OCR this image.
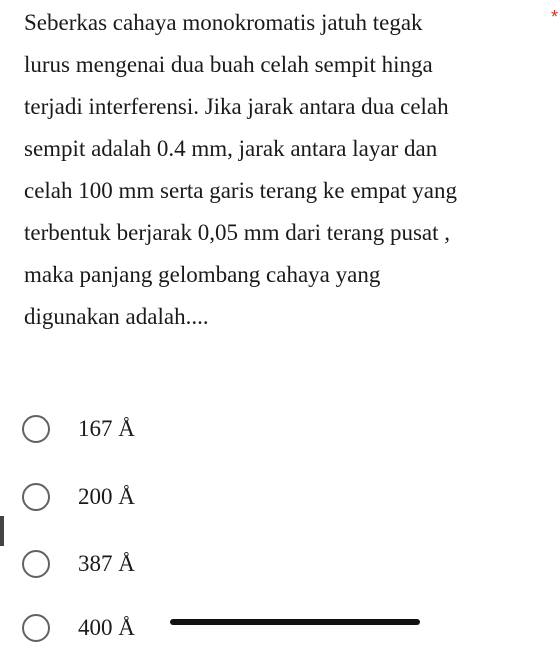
Seberkas cahaya monokromatis jatuh tegak
lurus mengenai dua buah celah sempit hinga
terjadi interferensi. Jika jarak antara dua celah
sempit adalah 0.4 mm, jarak antara layar dan
celah 100 mm serta garis terang ke empat yang
terbentuk berjarak 0,05 mm dari terang pusat ,
maka panjang gelombang cahaya yang
digunakan adalah....
*
167 Å
200 Å
387 Å
400 Å
